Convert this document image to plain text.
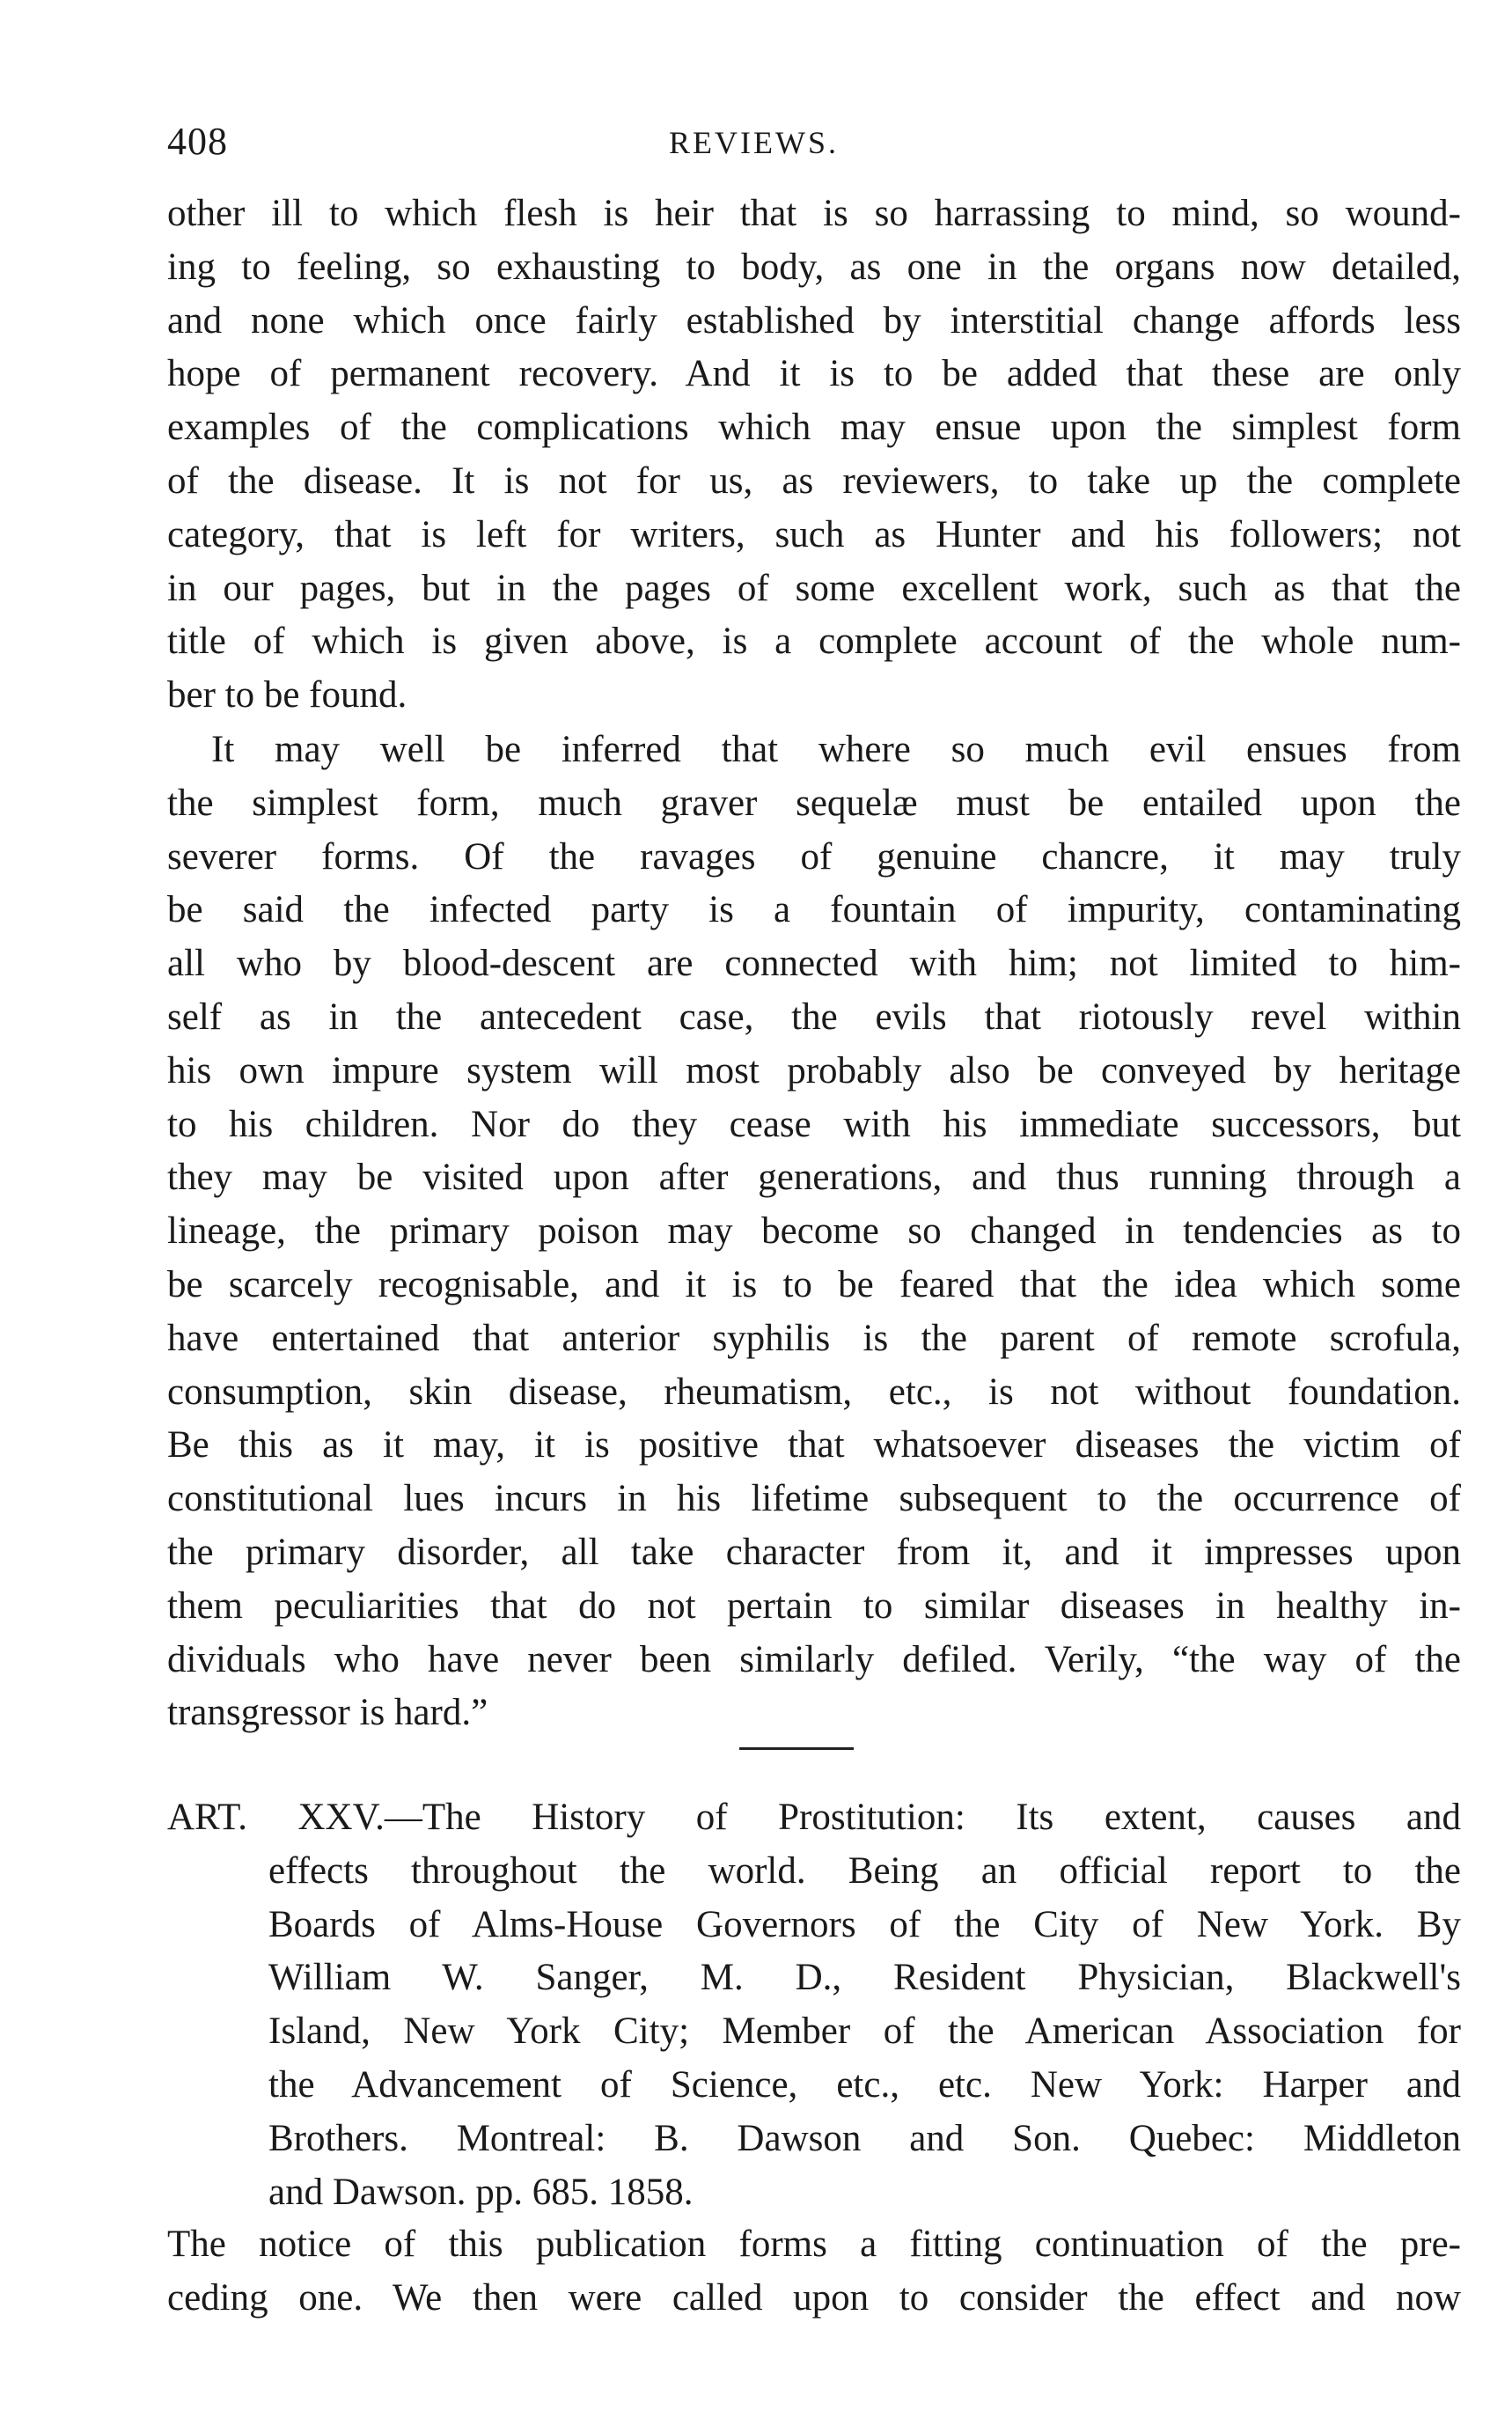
408	REVIEWS.
other ill to which flesh is heir that is so harrassing to mind, so wound-
ing to feeling, so exhausting to body, as one in the organs now detailed,
and none which once fairly established by interstitial change affords less
hope of permanent recovery. And it is to be added that these are only
examples of the complications which may ensue upon the simplest form
of the disease. It is not for us, as reviewers, to take up the complete
category, that is left for writers, such as Hunter and his followers; not
in our pages, but in the pages of some excellent work, such as that the
title of which is given above, is a complete account of the whole num-
ber to be found.
It may well be inferred that where so much evil ensues from
the simplest form, much graver sequelæ must be entailed upon the
severer forms. Of the ravages of genuine chancre, it may truly
be said the infected party is a fountain of impurity, contaminating
all who by blood-descent are connected with him; not limited to him-
self as in the antecedent case, the evils that riotously revel within
his own impure system will most probably also be conveyed by heritage
to his children. Nor do they cease with his immediate successors, but
they may be visited upon after generations, and thus running through a
lineage, the primary poison may become so changed in tendencies as to
be scarcely recognisable, and it is to be feared that the idea which some
have entertained that anterior syphilis is the parent of remote scrofula,
consumption, skin disease, rheumatism, etc., is not without foundation.
Be this as it may, it is positive that whatsoever diseases the victim of
constitutional lues incurs in his lifetime subsequent to the occurrence of
the primary disorder, all take character from it, and it impresses upon
them peculiarities that do not pertain to similar diseases in healthy in-
dividuals who have never been similarly defiled. Verily, “the way of the
transgressor is hard.”
ART. XXV.—The History of Prostitution: Its extent, causes and
effects throughout the world. Being an official report to the
Boards of Alms-House Governors of the City of New York. By
William W. Sanger, M. D., Resident Physician, Blackwell's
Island, New York City; Member of the American Association for
the Advancement of Science, etc., etc. New York: Harper and
Brothers. Montreal: B. Dawson and Son. Quebec: Middleton
and Dawson. pp. 685. 1858.
The notice of this publication forms a fitting continuation of the pre-
ceding one. We then were called upon to consider the effect and now
